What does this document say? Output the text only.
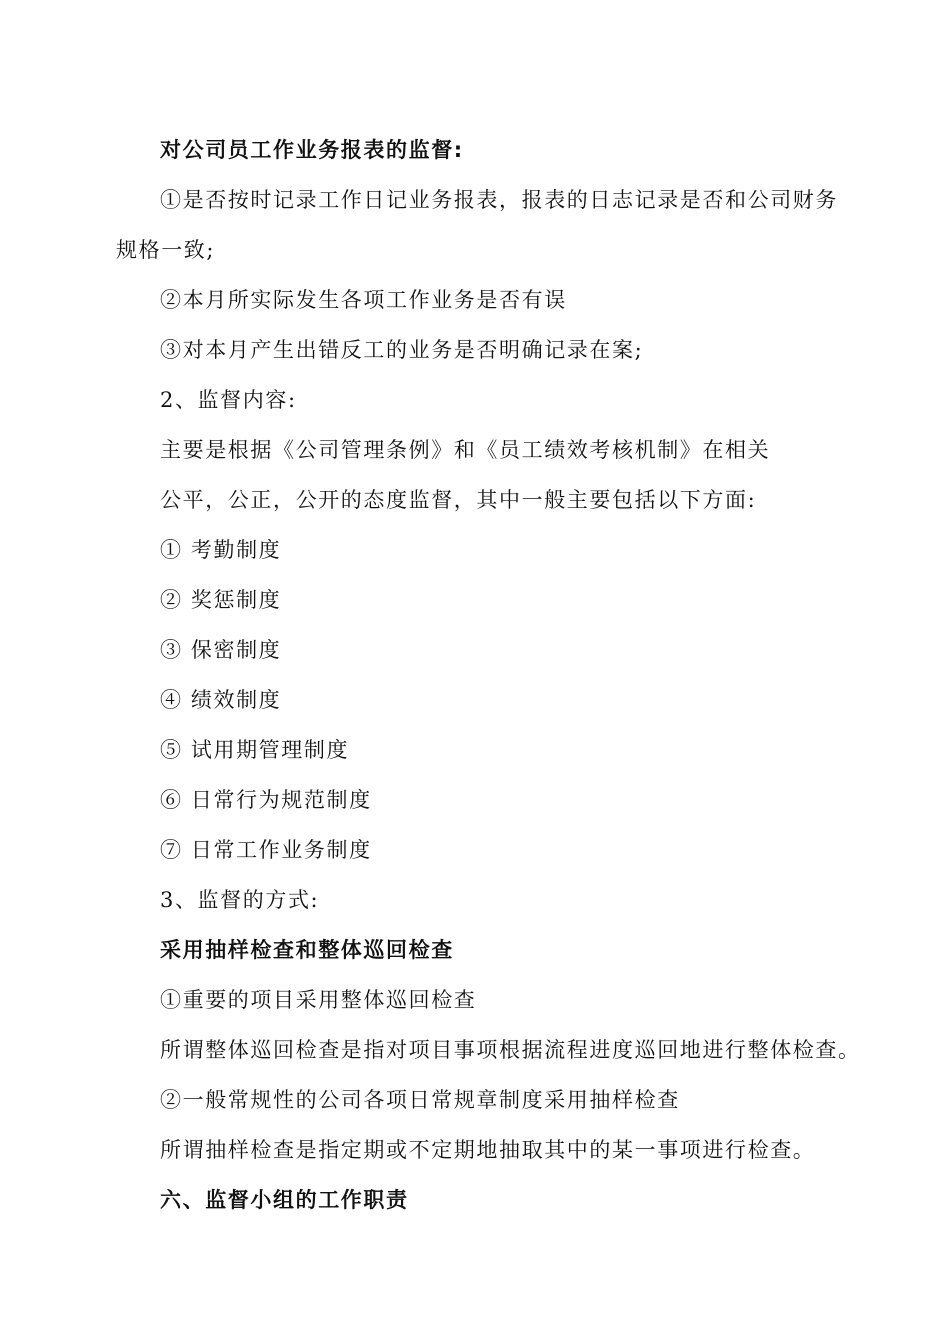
对公司员工作业务报表的监督:
①是否按时记录工作日记业务报表，报表的日志记录是否和公司财务
规格一致;
②本月所实际发生各项工作业务是否有误
③对本月产生出错反工的业务是否明确记录在案;
2、监督内容:
主要是根据《公司管理条例》和《员工绩效考核机制》在相关
公平，公正，公开的态度监督，其中一般主要包括以下方面:
① 考勤制度
② 奖惩制度
③ 保密制度
④ 绩效制度
⑤ 试用期管理制度
⑥ 日常行为规范制度
⑦ 日常工作业务制度
3、监督的方式:
采用抽样检查和整体巡回检查
①重要的项目采用整体巡回检查
所谓整体巡回检查是指对项目事项根据流程进度巡回地进行整体检查。
②一般常规性的公司各项日常规章制度采用抽样检查
所谓抽样检查是指定期或不定期地抽取其中的某一事项进行检查。
六、监督小组的工作职责
